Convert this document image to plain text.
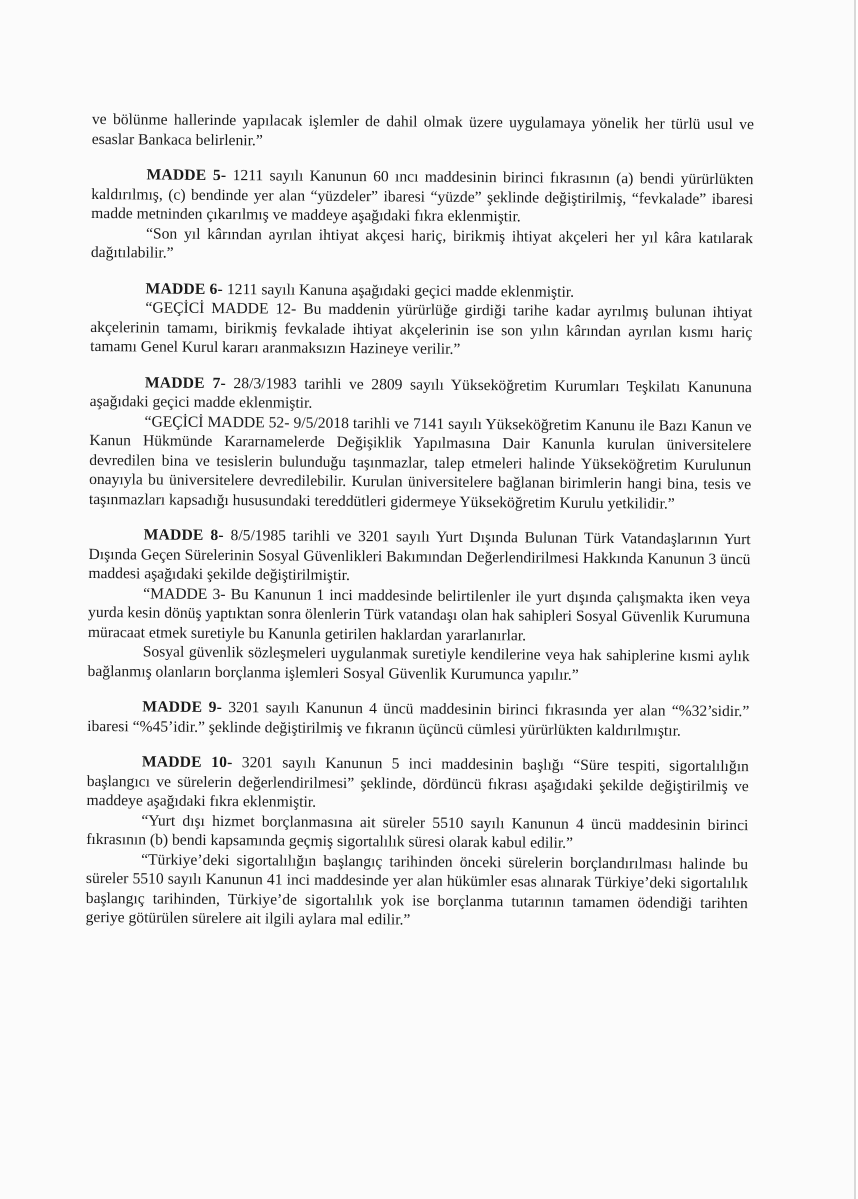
ve bölünme hallerinde yapılacak işlemler de dahil olmak üzere uygulamaya yönelik her türlü usul ve esaslar Bankaca belirlenir.”

MADDE 5- 1211 sayılı Kanunun 60 ıncı maddesinin birinci fıkrasının (a) bendi yürürlükten kaldırılmış, (c) bendinde yer alan “yüzdeler” ibaresi “yüzde” şeklinde değiştirilmiş, “fevkalade” ibaresi madde metninden çıkarılmış ve maddeye aşağıdaki fıkra eklenmiştir.

“Son yıl kârından ayrılan ihtiyat akçesi hariç, birikmiş ihtiyat akçeleri her yıl kâra katılarak dağıtılabilir.”

MADDE 6- 1211 sayılı Kanuna aşağıdaki geçici madde eklenmiştir.

“GEÇİCİ MADDE 12- Bu maddenin yürürlüğe girdiği tarihe kadar ayrılmış bulunan ihtiyat akçelerinin tamamı, birikmiş fevkalade ihtiyat akçelerinin ise son yılın kârından ayrılan kısmı hariç tamamı Genel Kurul kararı aranmaksızın Hazineye verilir.”

MADDE 7- 28/3/1983 tarihli ve 2809 sayılı Yükseköğretim Kurumları Teşkilatı Kanununa aşağıdaki geçici madde eklenmiştir.

“GEÇİCİ MADDE 52- 9/5/2018 tarihli ve 7141 sayılı Yükseköğretim Kanunu ile Bazı Kanun ve Kanun Hükmünde Kararnamelerde Değişiklik Yapılmasına Dair Kanunla kurulan üniversitelere devredilen bina ve tesislerin bulunduğu taşınmazlar, talep etmeleri halinde Yükseköğretim Kurulunun onayıyla bu üniversitelere devredilebilir. Kurulan üniversitelere bağlanan birimlerin hangi bina, tesis ve taşınmazları kapsadığı hususundaki tereddütleri gidermeye Yükseköğretim Kurulu yetkilidir.”

MADDE 8- 8/5/1985 tarihli ve 3201 sayılı Yurt Dışında Bulunan Türk Vatandaşlarının Yurt Dışında Geçen Sürelerinin Sosyal Güvenlikleri Bakımından Değerlendirilmesi Hakkında Kanunun 3 üncü maddesi aşağıdaki şekilde değiştirilmiştir.

“MADDE 3- Bu Kanunun 1 inci maddesinde belirtilenler ile yurt dışında çalışmakta iken veya yurda kesin dönüş yaptıktan sonra ölenlerin Türk vatandaşı olan hak sahipleri Sosyal Güvenlik Kurumuna müracaat etmek suretiyle bu Kanunla getirilen haklardan yararlanırlar.

Sosyal güvenlik sözleşmeleri uygulanmak suretiyle kendilerine veya hak sahiplerine kısmi aylık bağlanmış olanların borçlanma işlemleri Sosyal Güvenlik Kurumunca yapılır.”

MADDE 9- 3201 sayılı Kanunun 4 üncü maddesinin birinci fıkrasında yer alan “%32’sidir.” ibaresi “%45’idir.” şeklinde değiştirilmiş ve fıkranın üçüncü cümlesi yürürlükten kaldırılmıştır.

MADDE 10- 3201 sayılı Kanunun 5 inci maddesinin başlığı “Süre tespiti, sigortalılığın başlangıcı ve sürelerin değerlendirilmesi” şeklinde, dördüncü fıkrası aşağıdaki şekilde değiştirilmiş ve maddeye aşağıdaki fıkra eklenmiştir.

“Yurt dışı hizmet borçlanmasına ait süreler 5510 sayılı Kanunun 4 üncü maddesinin birinci fıkrasının (b) bendi kapsamında geçmiş sigortalılık süresi olarak kabul edilir.”

“Türkiye’deki sigortalılığın başlangıç tarihinden önceki sürelerin borçlandırılması halinde bu süreler 5510 sayılı Kanunun 41 inci maddesinde yer alan hükümler esas alınarak Türkiye’deki sigortalılık başlangıç tarihinden, Türkiye’de sigortalılık yok ise borçlanma tutarının tamamen ödendiği tarihten geriye götürülen sürelere ait ilgili aylara mal edilir.”
